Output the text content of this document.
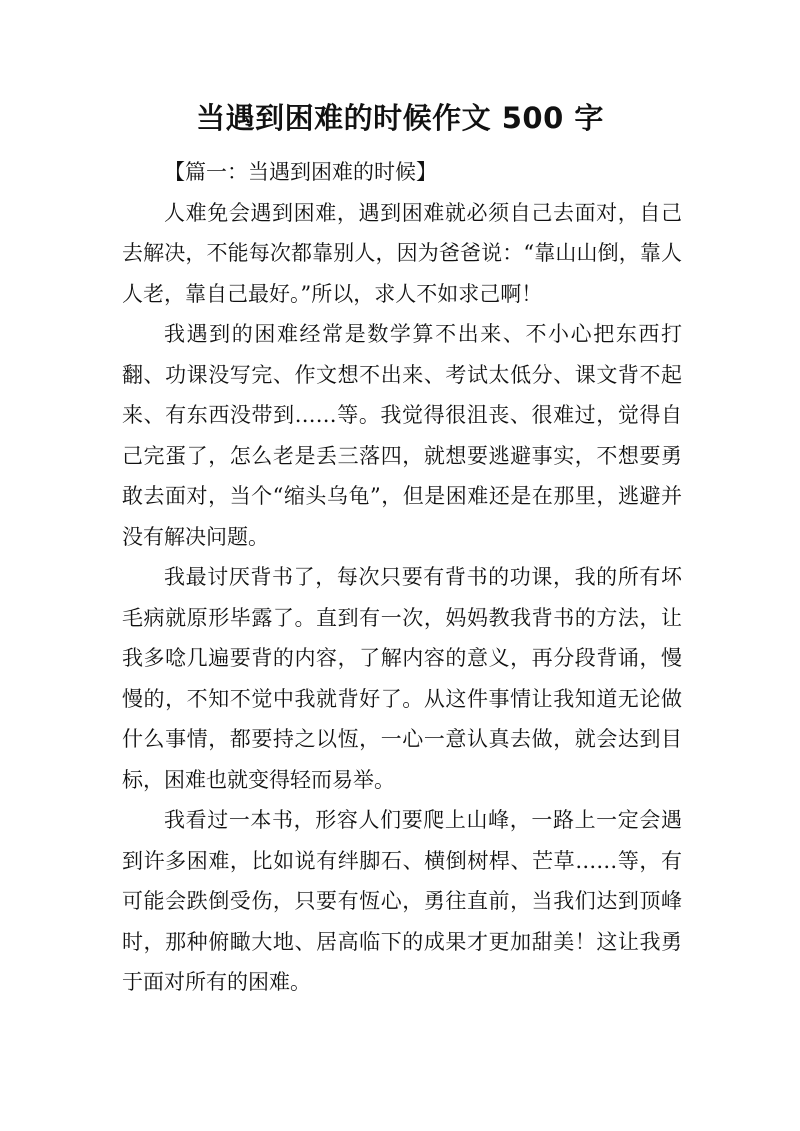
当遇到困难的时候作文 500 字

【篇一：当遇到困难的时候】

人难免会遇到困难，遇到困难就必须自己去面对，自己去解决，不能每次都靠别人，因为爸爸说：“靠山山倒，靠人人老，靠自己最好。”所以，求人不如求己啊！

我遇到的困难经常是数学算不出来、不小心把东西打翻、功课没写完、作文想不出来、考试太低分、课文背不起来、有东西没带到……等。我觉得很沮丧、很难过，觉得自己完蛋了，怎么老是丢三落四，就想要逃避事实，不想要勇敢去面对，当个“缩头乌龟”，但是困难还是在那里，逃避并没有解决问题。

我最讨厌背书了，每次只要有背书的功课，我的所有坏毛病就原形毕露了。直到有一次，妈妈教我背书的方法，让我多唸几遍要背的内容，了解内容的意义，再分段背诵，慢慢的，不知不觉中我就背好了。从这件事情让我知道无论做什么事情，都要持之以恆，一心一意认真去做，就会达到目标，困难也就变得轻而易举。

我看过一本书，形容人们要爬上山峰，一路上一定会遇到许多困难，比如说有绊脚石、横倒树桿、芒草……等，有可能会跌倒受伤，只要有恆心，勇往直前，当我们达到顶峰时，那种俯瞰大地、居高临下的成果才更加甜美！这让我勇于面对所有的困难。
